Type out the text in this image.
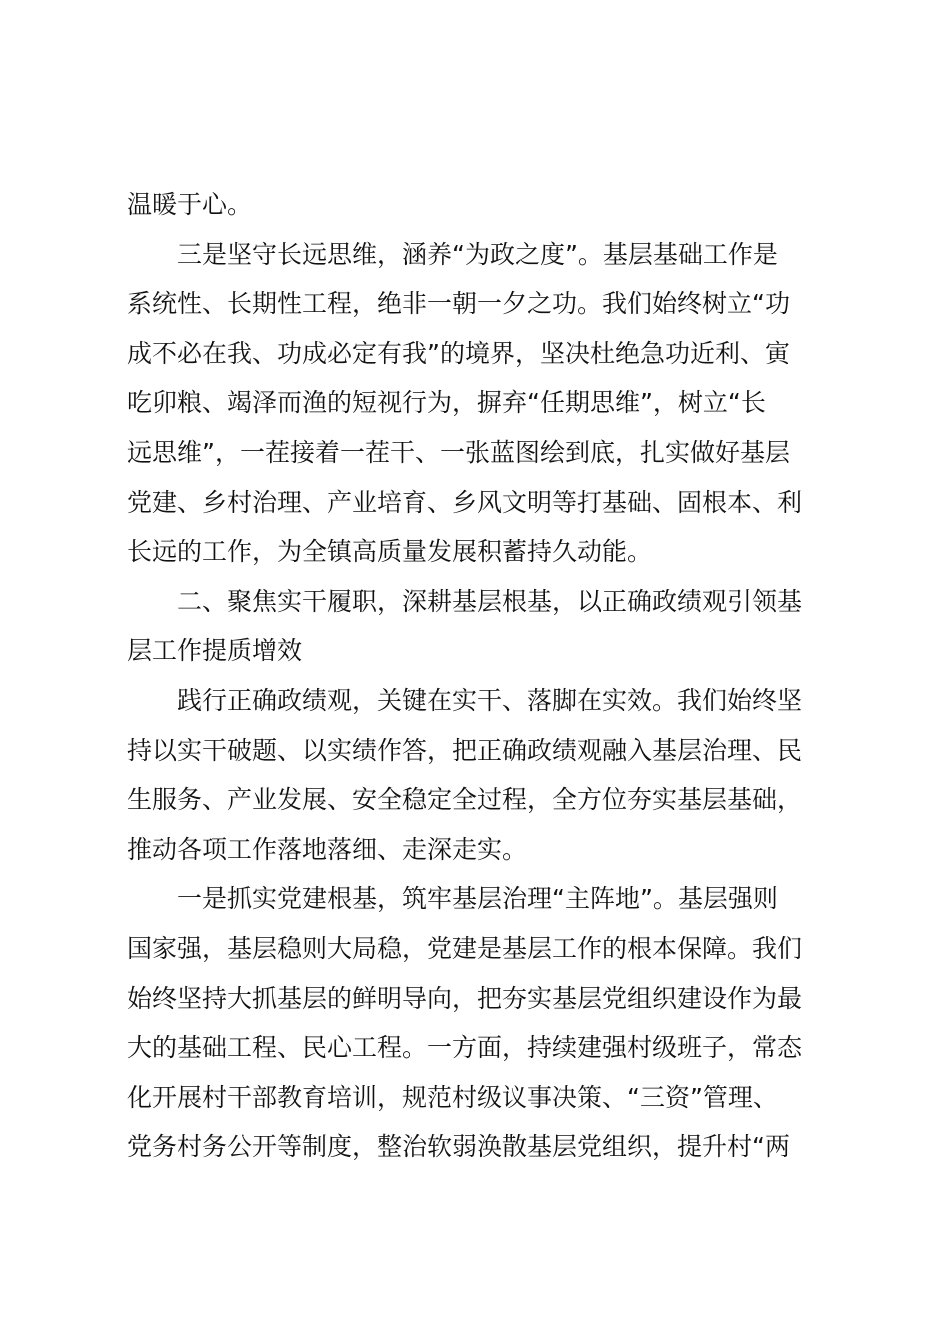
温暖于心。
三是坚守长远思维，涵养“为政之度”。基层基础工作是
系统性、长期性工程，绝非一朝一夕之功。我们始终树立“功
成不必在我、功成必定有我”的境界，坚决杜绝急功近利、寅
吃卯粮、竭泽而渔的短视行为，摒弃“任期思维”，树立“长
远思维”，一茬接着一茬干、一张蓝图绘到底，扎实做好基层
党建、乡村治理、产业培育、乡风文明等打基础、固根本、利
长远的工作，为全镇高质量发展积蓄持久动能。
二、聚焦实干履职，深耕基层根基，以正确政绩观引领基
层工作提质增效
践行正确政绩观，关键在实干、落脚在实效。我们始终坚
持以实干破题、以实绩作答，把正确政绩观融入基层治理、民
生服务、产业发展、安全稳定全过程，全方位夯实基层基础，
推动各项工作落地落细、走深走实。
一是抓实党建根基，筑牢基层治理“主阵地”。基层强则
国家强，基层稳则大局稳，党建是基层工作的根本保障。我们
始终坚持大抓基层的鲜明导向，把夯实基层党组织建设作为最
大的基础工程、民心工程。一方面，持续建强村级班子，常态
化开展村干部教育培训，规范村级议事决策、“三资”管理、
党务村务公开等制度，整治软弱涣散基层党组织，提升村“两
